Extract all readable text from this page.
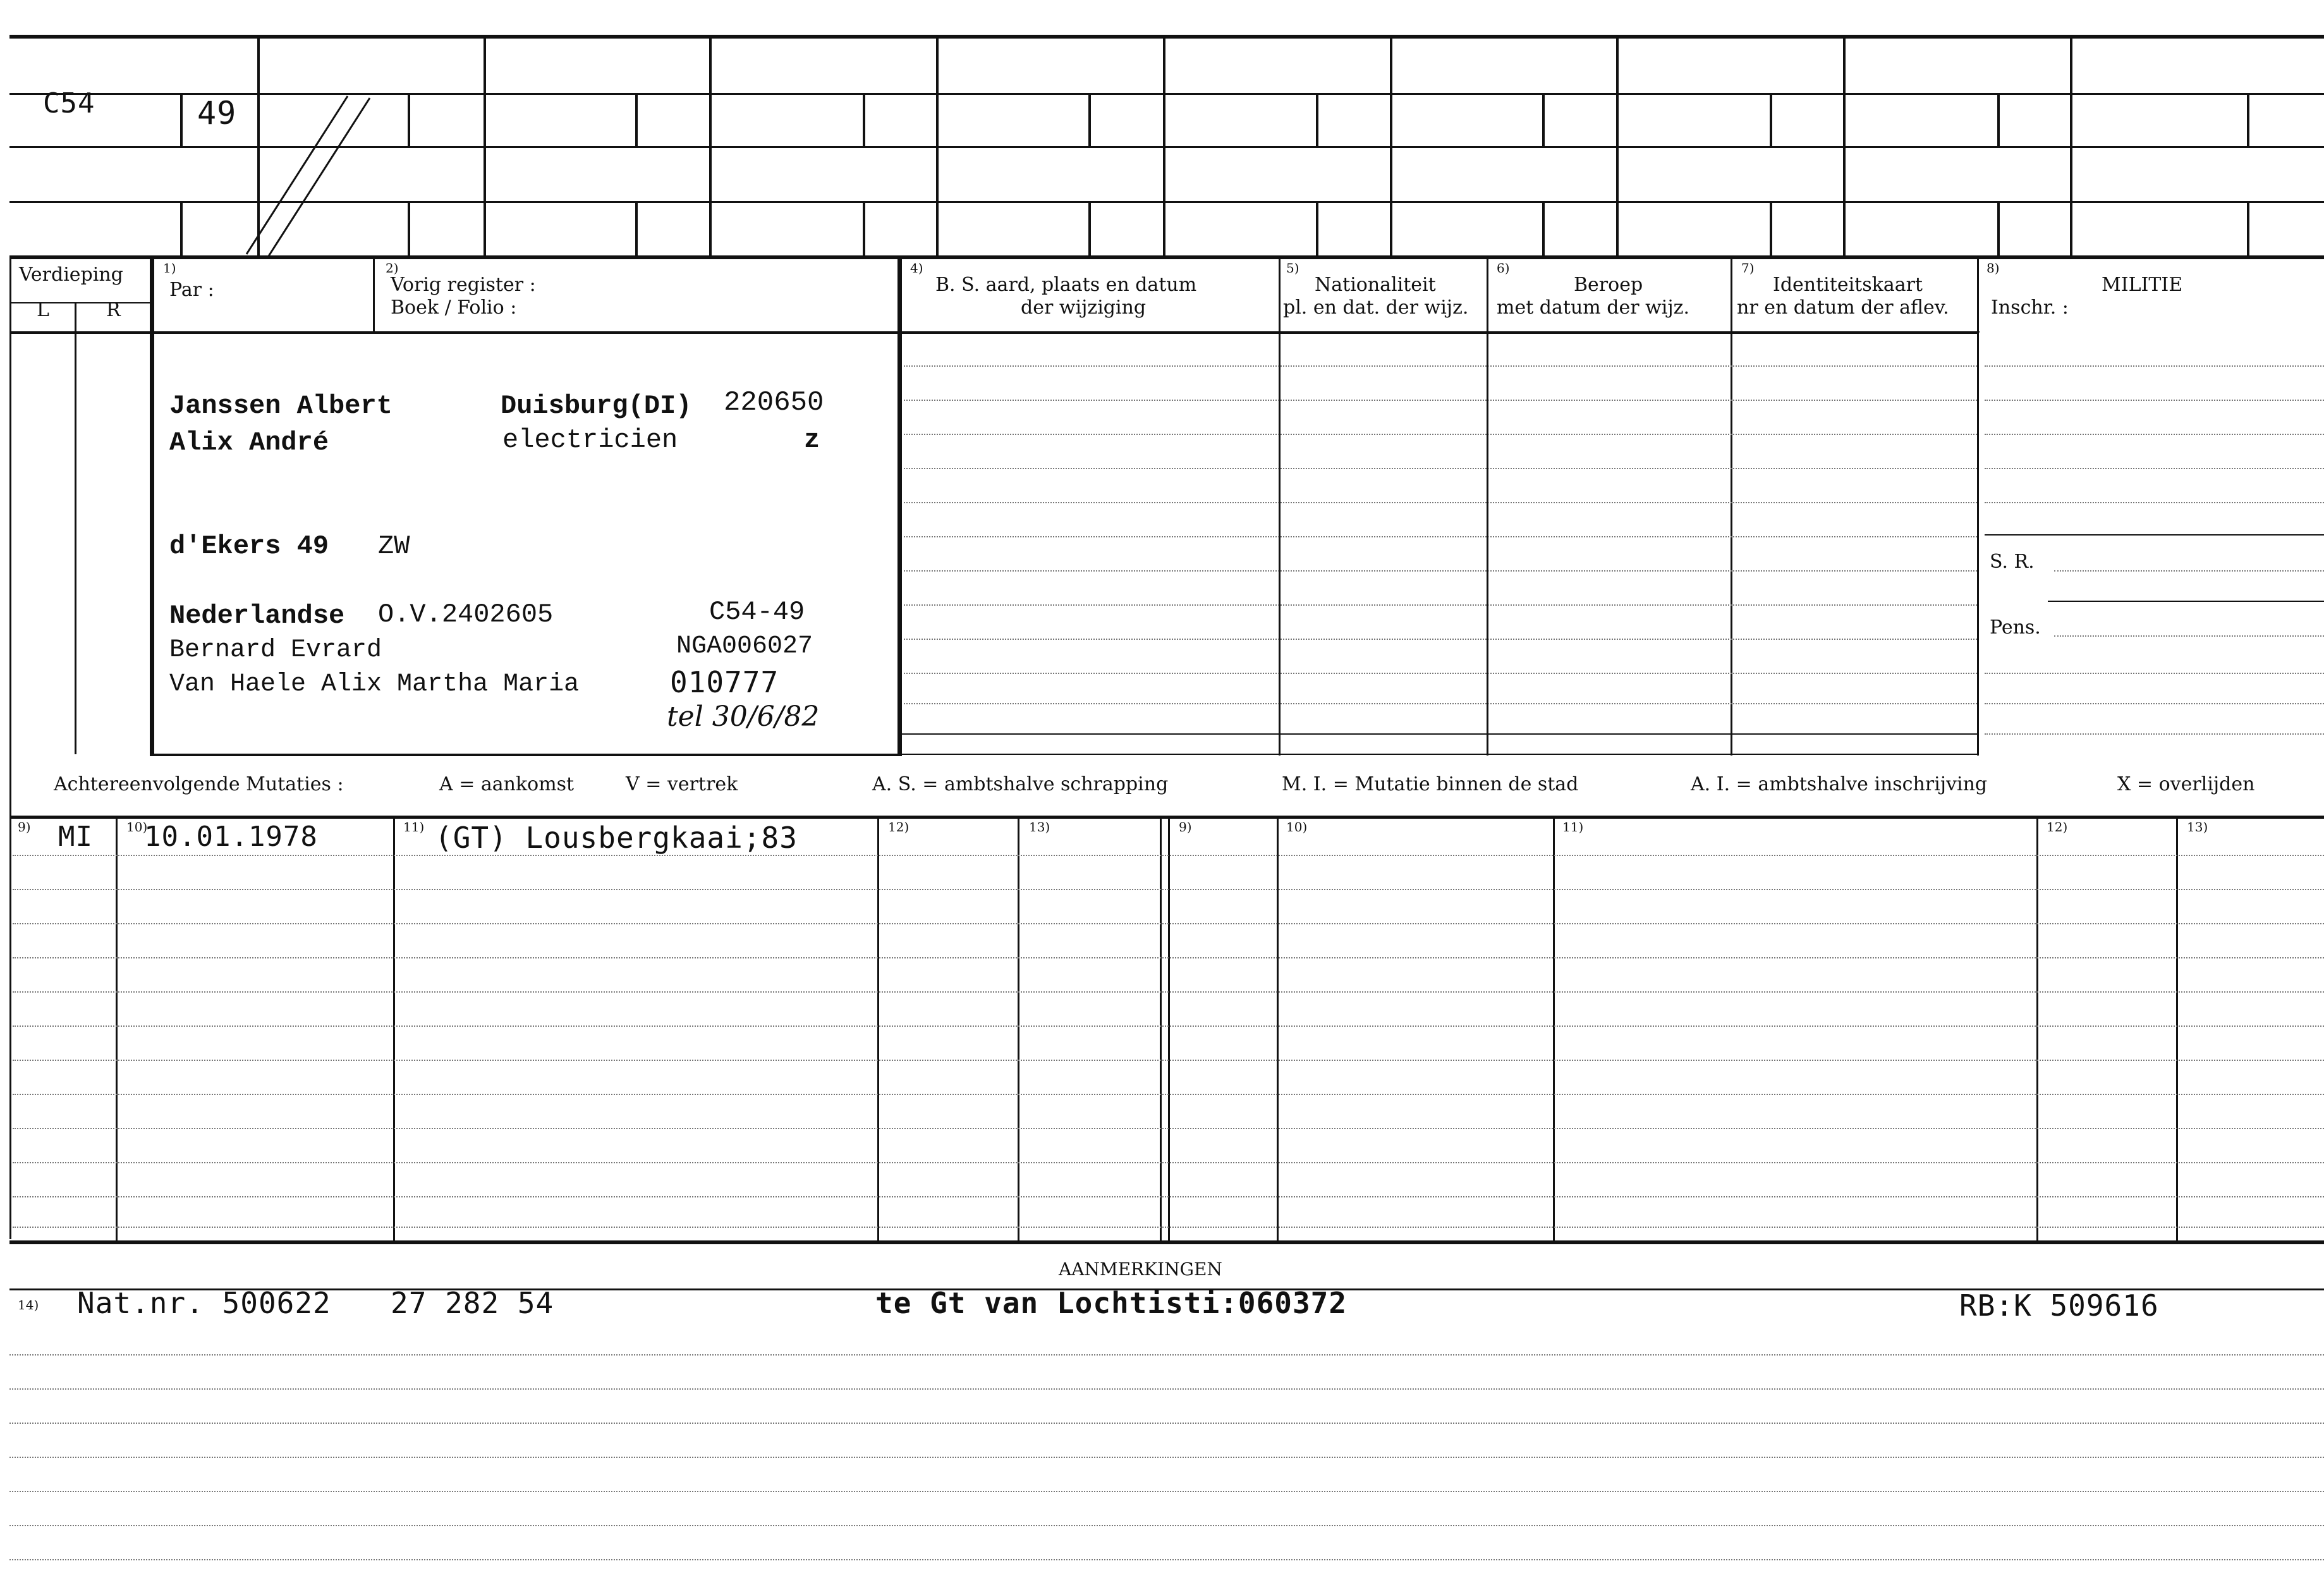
C54	49
Verdieping
L	R
1)
Par :
2)
Vorig register :
Boek / Folio :
4)
B. S. aard, plaats en datum
der wijziging
5)
Nationaliteit
pl. en dat. der wijz.
6)
Beroep
met datum der wijz.
7)
Identiteitskaart
nr en datum der aflev.
8)
MILITIE
Inschr. :
S. R.
Pens.
Janssen Albert
Alix André
Duisburg(DI) 220650
electricien	z
d'Ekers 49 ZW
Nederlandse O.V.2402605	C54-49
Bernard Evrard	NGA006027
Van Haele Alix Martha Maria	010777
tel 30/6/82
Achtereenvolgende Mutaties :	A = aankomst	V = vertrek	A. S. = ambtshalve schrapping	M. I. = Mutatie binnen de stad	A. I. = ambtshalve inschrijving	X = overlijden
9)	10)	11)	12)	13)	9)	10)	11)	12)	13)
MI 10.01.1978	(GT) Lousbergkaai;83
AANMERKINGEN
14) Nat.nr. 500622 27 282 54	te Gt van Lochtisti:060372	RB:K 509616
